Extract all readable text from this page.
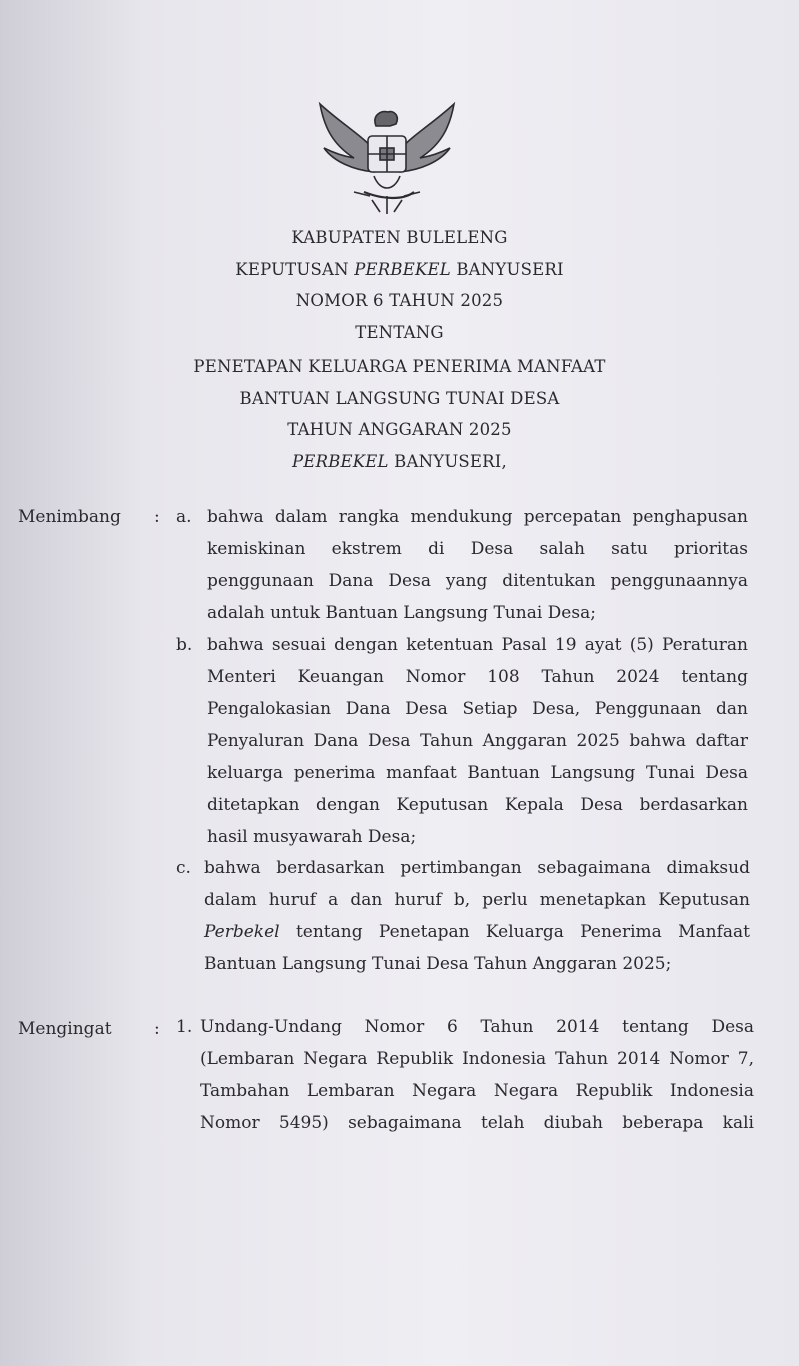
KABUPATEN BULELENG
KEPUTUSAN PERBEKEL BANYUSERI
NOMOR 6 TAHUN 2025
TENTANG
PENETAPAN KELUARGA PENERIMA MANFAAT
BANTUAN LANGSUNG TUNAI DESA
TAHUN ANGGARAN 2025
PERBEKEL BANYUSERI,
Menimbang : a. bahwa dalam rangka mendukung percepatan penghapusan
kemiskinan ekstrem di Desa salah satu prioritas
penggunaan Dana Desa yang ditentukan penggunaannya
adalah untuk Bantuan Langsung Tunai Desa;
b. bahwa sesuai dengan ketentuan Pasal 19 ayat (5) Peraturan
Menteri Keuangan Nomor 108 Tahun 2024 tentang
Pengalokasian Dana Desa Setiap Desa, Penggunaan dan
Penyaluran Dana Desa Tahun Anggaran 2025 bahwa daftar
keluarga penerima manfaat Bantuan Langsung Tunai Desa
ditetapkan dengan Keputusan Kepala Desa berdasarkan
hasil musyawarah Desa;
c. bahwa berdasarkan pertimbangan sebagaimana dimaksud
dalam huruf a dan huruf b, perlu menetapkan Keputusan
Perbekel tentang Penetapan Keluarga Penerima Manfaat
Bantuan Langsung Tunai Desa Tahun Anggaran 2025;
Mengingat : 1. Undang-Undang Nomor 6 Tahun 2014 tentang Desa
(Lembaran Negara Republik Indonesia Tahun 2014 Nomor 7,
Tambahan Lembaran Negara Negara Republik Indonesia
Nomor 5495) sebagaimana telah diubah beberapa kali
